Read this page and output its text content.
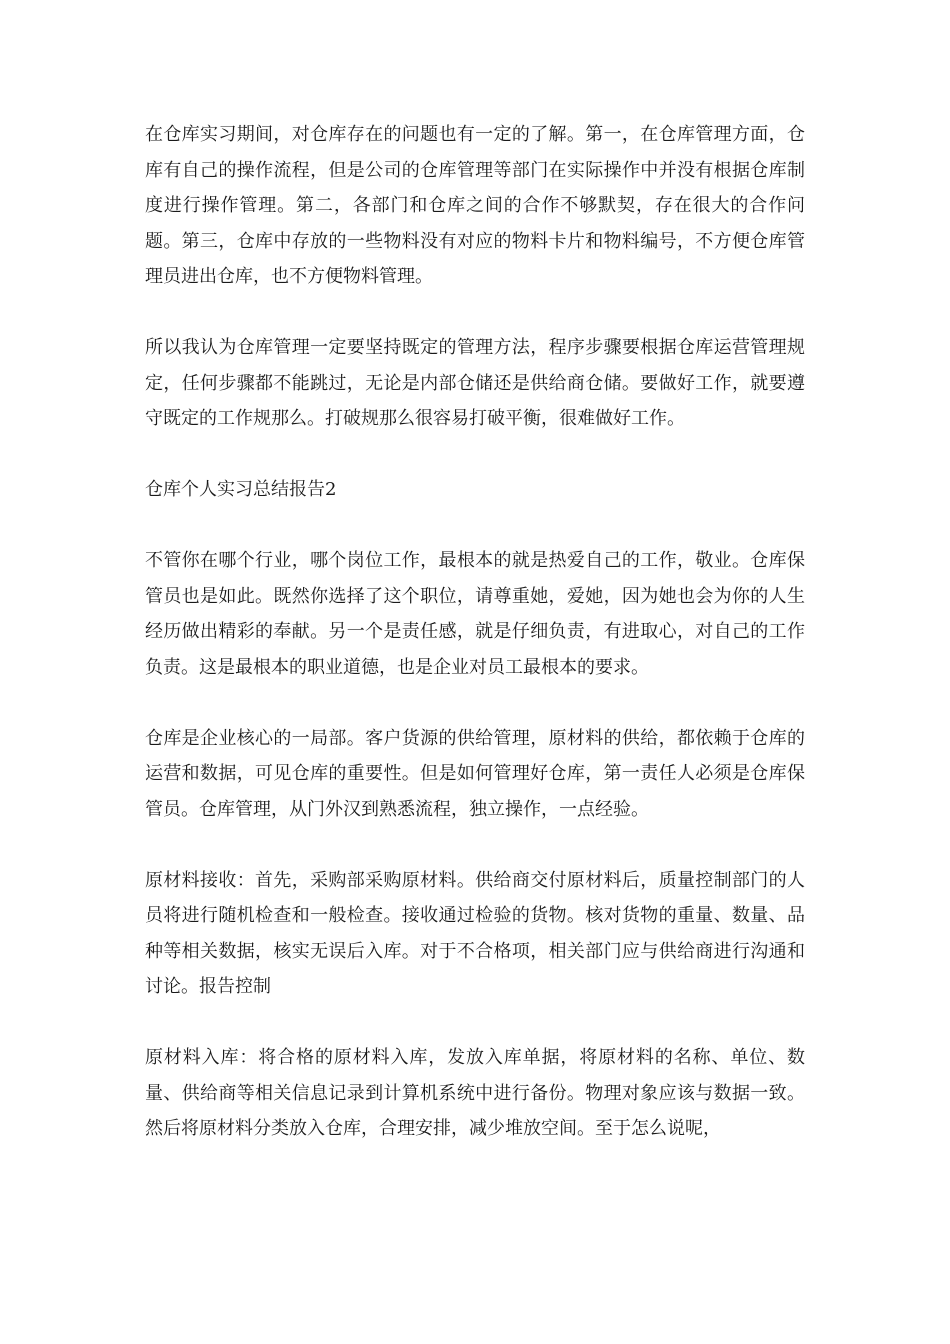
在仓库实习期间，对仓库存在的问题也有一定的了解。第一，在仓库管理方面，仓库有自己的操作流程，但是公司的仓库管理等部门在实际操作中并没有根据仓库制度进行操作管理。第二，各部门和仓库之间的合作不够默契，存在很大的合作问题。第三，仓库中存放的一些物料没有对应的物料卡片和物料编号，不方便仓库管理员进出仓库，也不方便物料管理。

所以我认为仓库管理一定要坚持既定的管理方法，程序步骤要根据仓库运营管理规定，任何步骤都不能跳过，无论是内部仓储还是供给商仓储。要做好工作，就要遵守既定的工作规那么。打破规那么很容易打破平衡，很难做好工作。

仓库个人实习总结报告2

不管你在哪个行业，哪个岗位工作，最根本的就是热爱自己的工作，敬业。仓库保管员也是如此。既然你选择了这个职位，请尊重她，爱她，因为她也会为你的人生经历做出精彩的奉献。另一个是责任感，就是仔细负责，有进取心，对自己的工作负责。这是最根本的职业道德，也是企业对员工最根本的要求。

仓库是企业核心的一局部。客户货源的供给管理，原材料的供给，都依赖于仓库的运营和数据，可见仓库的重要性。但是如何管理好仓库，第一责任人必须是仓库保管员。仓库管理，从门外汉到熟悉流程，独立操作，一点经验。

原材料接收：首先，采购部采购原材料。供给商交付原材料后，质量控制部门的人员将进行随机检查和一般检查。接收通过检验的货物。核对货物的重量、数量、品种等相关数据，核实无误后入库。对于不合格项，相关部门应与供给商进行沟通和讨论。报告控制

原材料入库：将合格的原材料入库，发放入库单据，将原材料的名称、单位、数量、供给商等相关信息记录到计算机系统中进行备份。物理对象应该与数据一致。然后将原材料分类放入仓库，合理安排，减少堆放空间。至于怎么说呢，
